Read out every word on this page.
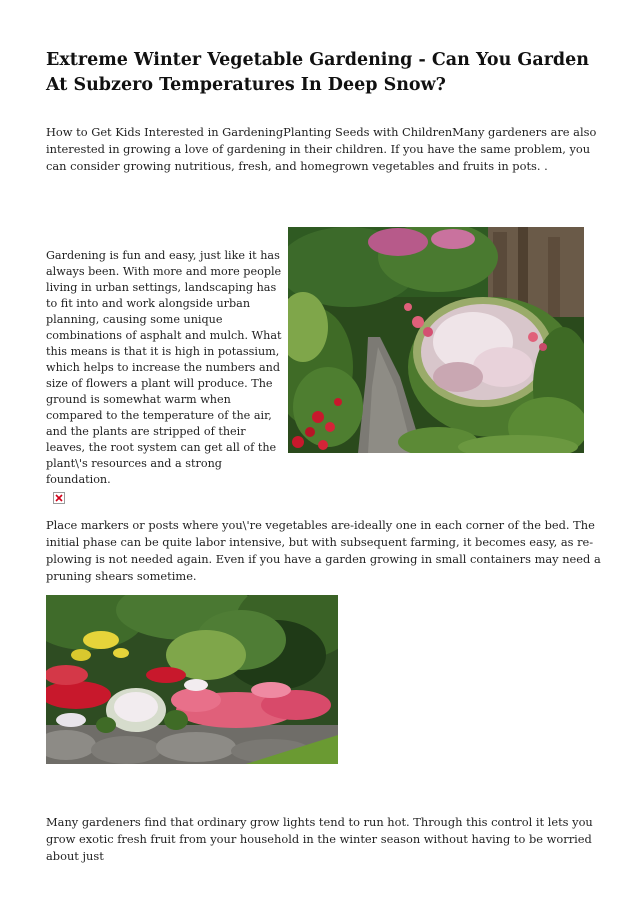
Extreme Winter Vegetable Gardening - Can You Garden At Subzero Temperatures In Deep Snow?

How to Get Kids Interested in GardeningPlanting Seeds with ChildrenMany gardeners are also interested in growing a love of gardening in their children. If you have the same problem, you can consider growing nutritious, fresh, and homegrown vegetables and fruits in pots. .

Gardening is fun and easy, just like it has always been. With more and more people living in urban settings, landscaping has to fit into and work alongside urban planning, causing some unique combinations of asphalt and mulch. What this means is that it is high in potassium, which helps to increase the numbers and size of flowers a plant will produce. The ground is somewhat warm when compared to the temperature of the air, and the plants are stripped of their leaves, the root system can get all of the plant\'s resources and a strong foundation.

Place markers or posts where you\'re vegetables are-ideally one in each corner of the bed. The initial phase can be quite labor intensive, but with subsequent farming, it becomes easy, as re-plowing is not needed again. Even if you have a garden growing in small containers may need a pruning shears sometime.

Many gardeners find that ordinary grow lights tend to run hot. Through this control it lets you grow exotic fresh fruit from your household in the winter season without having to be worried about just
